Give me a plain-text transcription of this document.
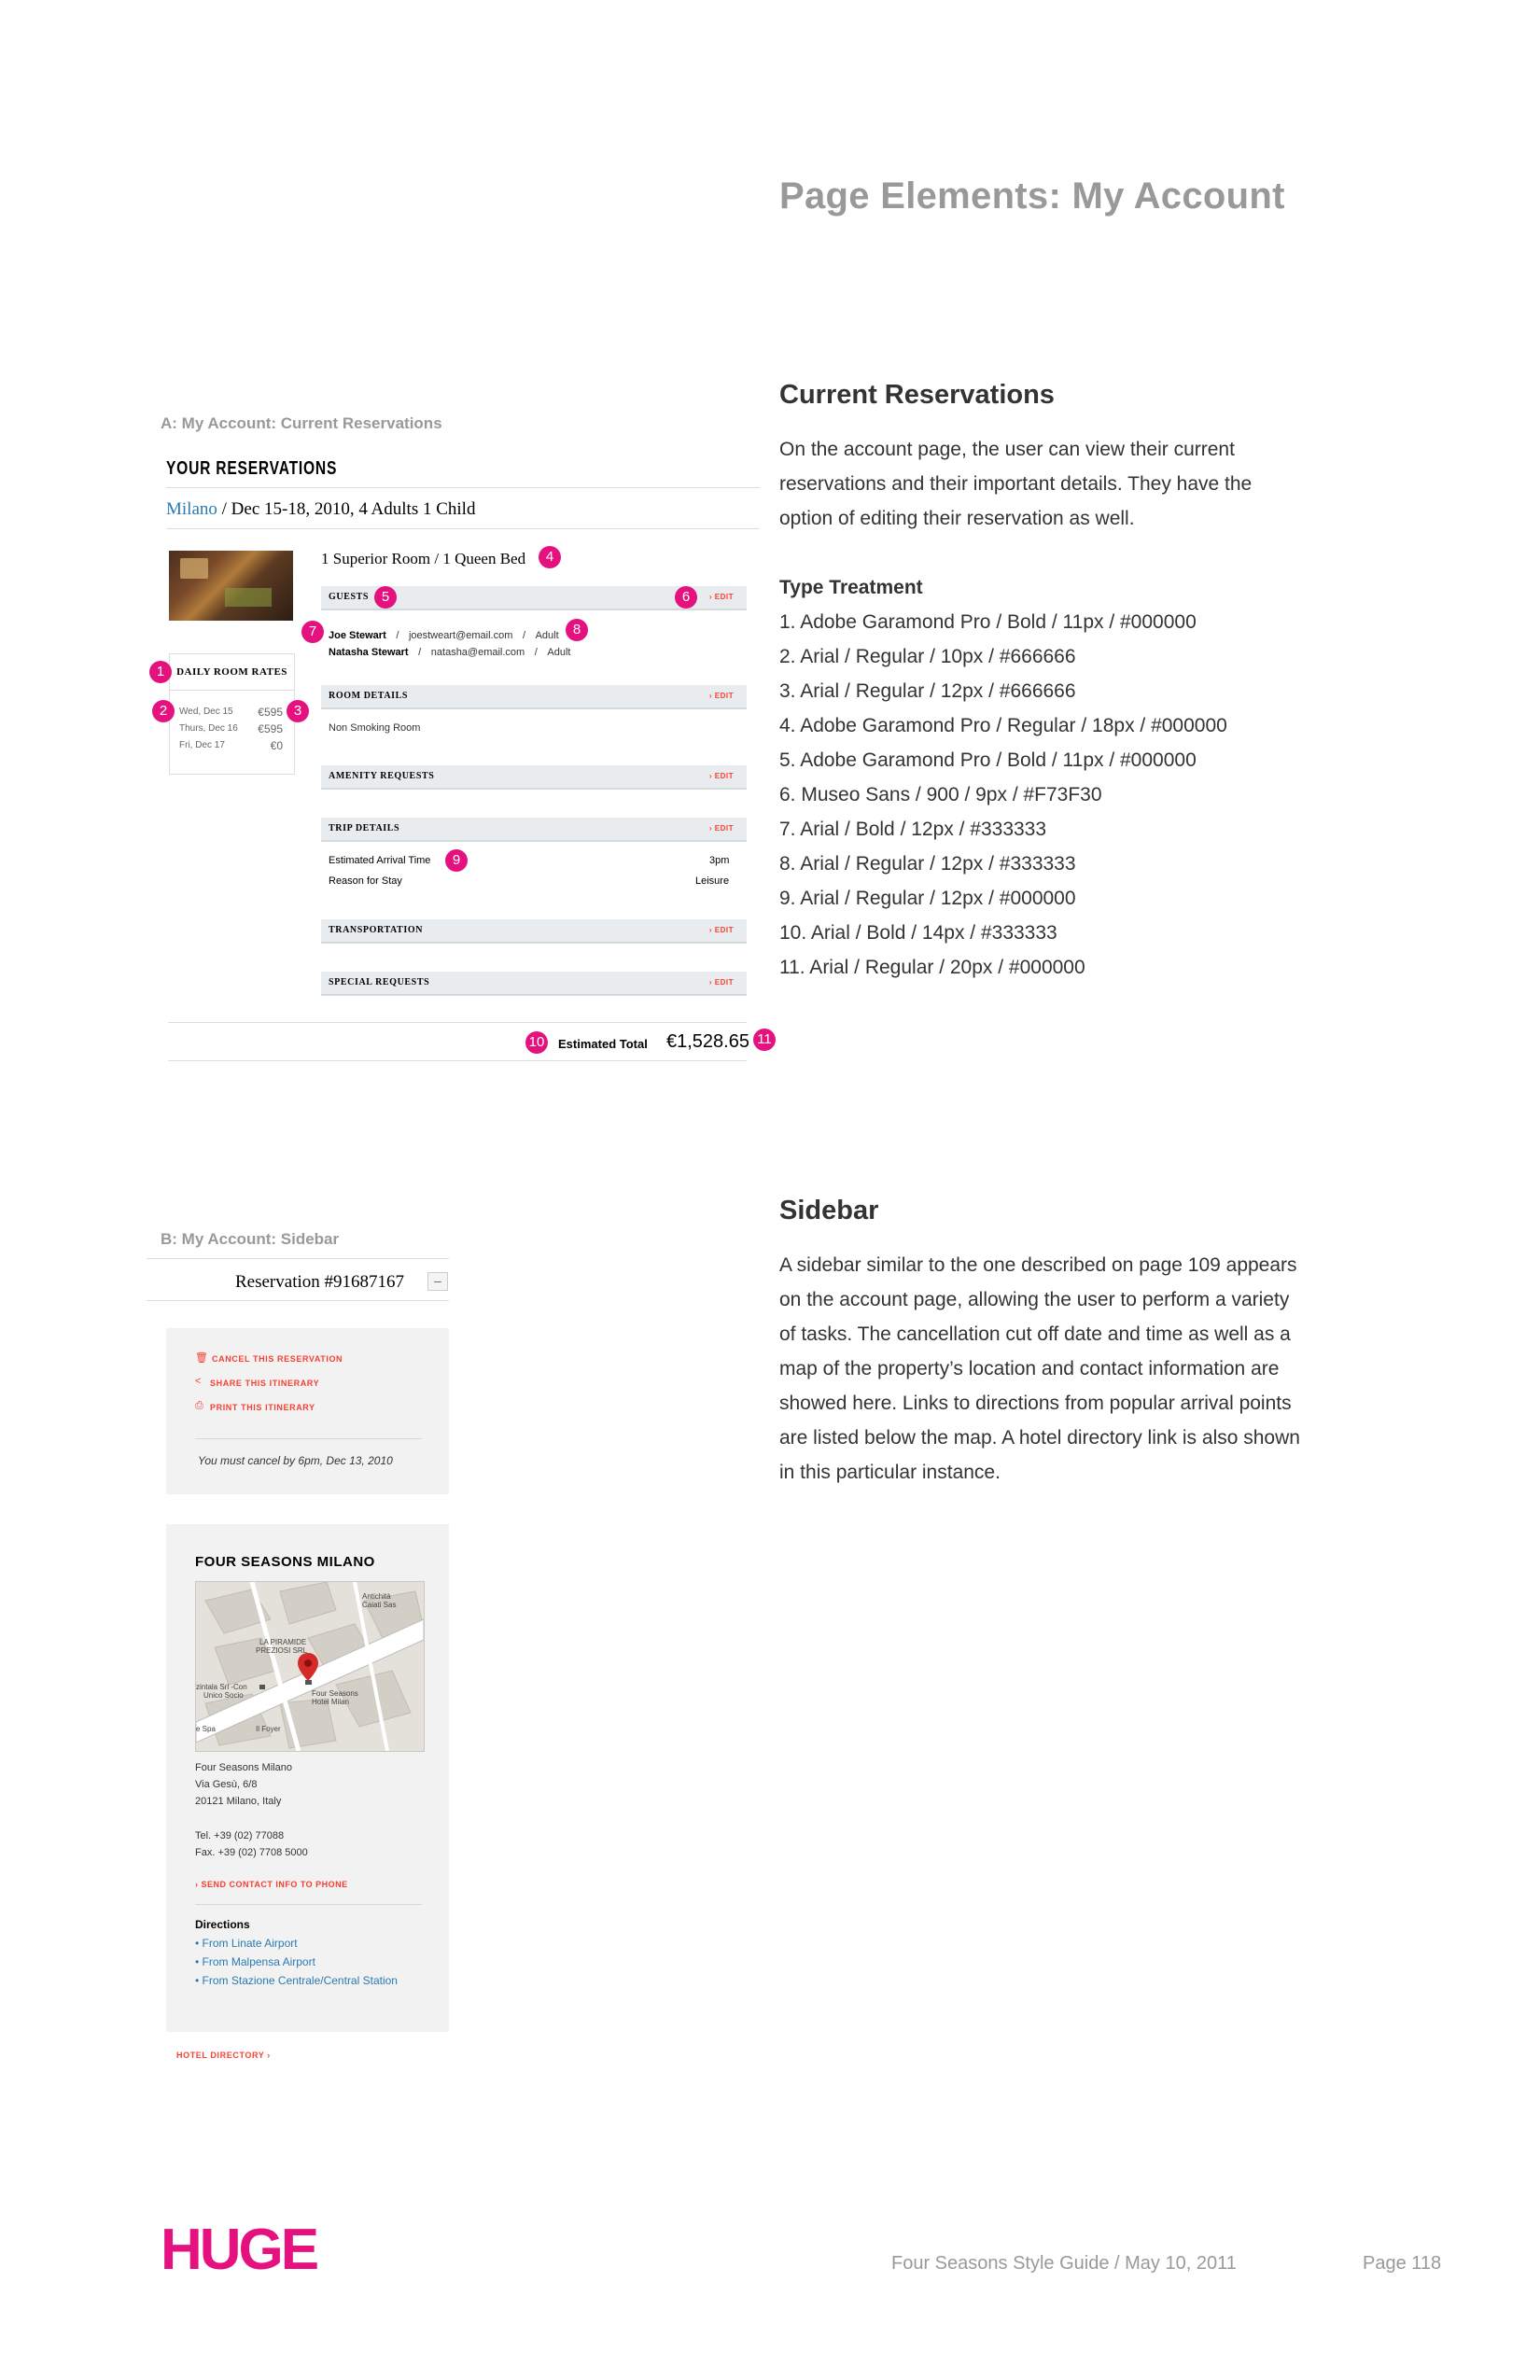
Page Elements: My Account
Current Reservations
On the account page, the user can view their current
reservations and their important details. They have the
option of editing their reservation as well.
Type Treatment
1. Adobe Garamond Pro / Bold / 11px / #000000
2. Arial / Regular / 10px / #666666
3. Arial / Regular / 12px / #666666
4. Adobe Garamond Pro / Regular / 18px / #000000
5. Adobe Garamond Pro / Bold / 11px / #000000
6. Museo Sans / 900 / 9px / #F73F30
7. Arial / Bold / 12px / #333333
8. Arial / Regular / 12px / #333333
9. Arial / Regular / 12px / #000000
10. Arial / Bold / 14px / #333333
11. Arial / Regular / 20px / #000000
Sidebar
A sidebar similar to the one described on page 109 appears
on the account page, allowing the user to perform a variety
of tasks. The cancellation cut off date and time as well as a
map of the property’s location and contact information are
showed here. Links to directions from popular arrival points
are listed below the map. A hotel directory link is also shown
in this particular instance.
A: My Account: Current Reservations
YOUR RESERVATIONS
Milano / Dec 15-18, 2010, 4 Adults 1 Child
1 Superior Room / 1 Queen Bed	4
DAILY ROOM RATES
Wed, Dec 15 €595
Thurs, Dec 16 €595
Fri, Dec 17	€0
1
2	3
GUESTS	› EDIT
5	6
Joe Stewart   /   joestweart@email.com   /   Adult
Natasha Stewart   /   natasha@email.com   /   Adult
7	8
ROOM DETAILS	› EDIT
Non Smoking Room
AMENITY REQUESTS	› EDIT
TRIP DETAILS	› EDIT
Estimated Arrival Time	3pm
Reason for Stay	Leisure
9
TRANSPORTATION	› EDIT
SPECIAL REQUESTS	› EDIT
10 Estimated Total €1,528.65 11
B: My Account: Sidebar
Reservation #91687167	–
🗑 CANCEL THIS RESERVATION
< SHARE THIS ITINERARY
⎙ PRINT THIS ITINERARY
You must cancel by 6pm, Dec 13, 2010
FOUR SEASONS MILANO
Antichità
Caiati Sas
LA PIRAMIDE
PREZIOSI SRL
zintala Srl -Con
Unico Socio	Four Seasons
Hotel Milan
e Spa	Il Foyer
Four Seasons Milano
Via Gesù, 6/8
20121 Milano, Italy
Tel. +39 (02) 77088
Fax. +39 (02) 7708 5000
› SEND CONTACT INFO TO PHONE
Directions
• From Linate Airport
• From Malpensa Airport
• From Stazione Centrale/Central Station
HOTEL DIRECTORY ›
HUGE	Four Seasons Style Guide / May 10, 2011	Page 118
